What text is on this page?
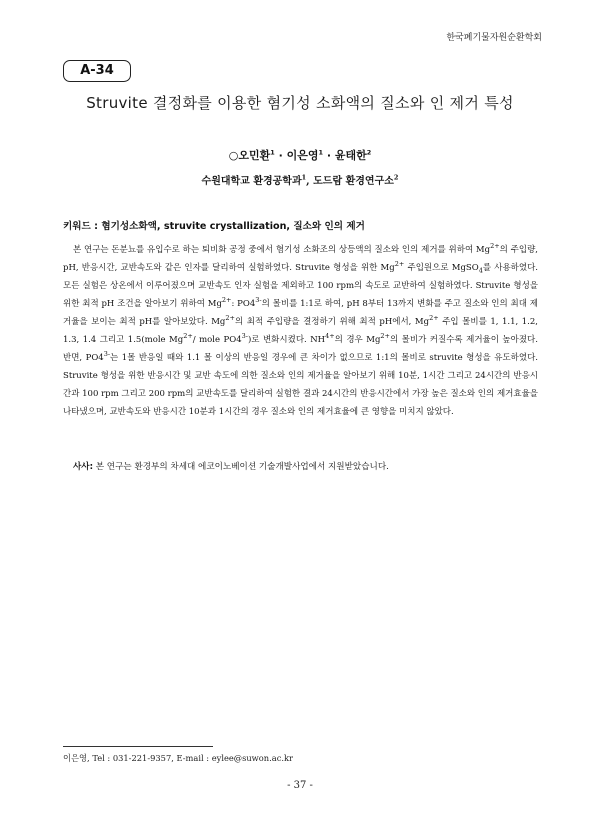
한국폐기물자원순환학회
A-34
Struvite 결정화를 이용한 혐기성 소화액의 질소와 인 제거 특성
○오민환$^1$ · 이은영$^1$ · 윤태한$^2$
수원대학교 환경공학과$^1$, 도드람 환경연구소$^2$
키워드 : 혐기성소화액, struvite crystallization, 질소와 인의 제거

본 연구는 돈분뇨를 유입수로 하는 퇴비화 공정 중에서 혐기성 소화조의 상등액의 질소와 인의 제거를 위하여 $Mg^{2+}$의 주입량, pH, 반응시간, 교반속도와 같은 인자를 달리하여 실험하였다. Struvite 형성을 위한 $Mg^{2+}$ 주입원으로 MgSO$_4$를 사용하였다. 모든 실험은 상온에서 이루어졌으며 교반속도 인자 실험을 제외하고 100 rpm의 속도로 교반하여 실험하였다. Struvite 형성을 위한 최적 pH 조건을 알아보기 위하여 $Mg^{2+}$: $PO4^{3-}$의 몰비를 1:1로 하여, pH 8부터 13까지 변화를 주고 질소와 인의 최대 제거율을 보이는 최적 pH를 알아보았다. $Mg^{2+}$의 최적 주입량을 결정하기 위해 최적 pH에서, $Mg^{2+}$ 주입 몰비를 1, 1.1, 1.2, 1.3, 1.4 그리고 1.5(mole $Mg^{2+}/$ mole $PO4^{3-}$)로 변화시켰다. $NH^{4+}$의 경우 $Mg^{2+}$의 몰비가 커질수록 제거율이 높아졌다. 반면, $PO4^{3-}$는 1몰 반응일 때와 1.1 몰 이상의 반응일 경우에 큰 차이가 없으므로 1:1의 몰비로 struvite 형성을 유도하였다. Struvite 형성을 위한 반응시간 및 교반 속도에 의한 질소와 인의 제거율을 알아보기 위해 10분, 1시간 그리고 24시간의 반응시간과 100 rpm 그리고 200 rpm의 교반속도를 달리하여 실험한 결과 24시간의 반응시간에서 가장 높은 질소와 인의 제거효율을 나타냈으며, 교반속도와 반응시간 10분과 1시간의 경우 질소와 인의 제거효율에 큰 영향을 미치지 않았다.

사사: 본 연구는 환경부의 차세대 에코이노베이션 기술개발사업에서 지원받았습니다.
이은영, Tel : 031-221-9357, E-mail : eylee@suwon.ac.kr
- 37 -
